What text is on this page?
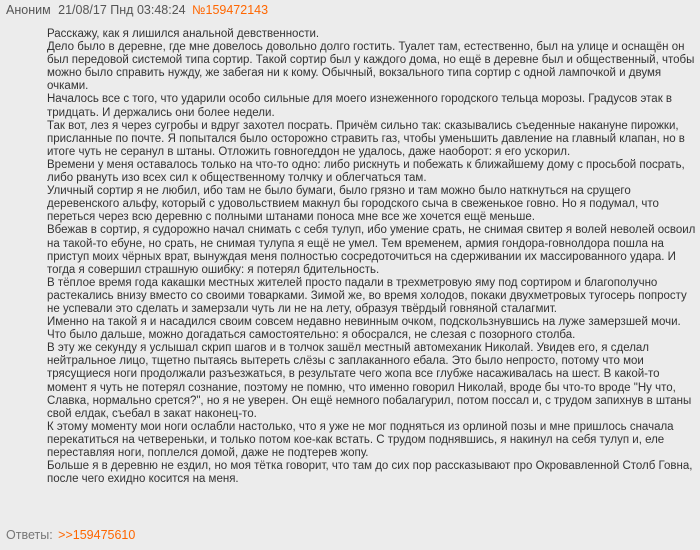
Аноним 21/08/17 Пнд 03:48:24 №159472143

Расскажу, как я лишился анальной девственности.

Дело было в деревне, где мне довелось довольно долго гостить. Туалет там, естественно, был на улице и оснащён он был передовой системой типа сортир. Такой сортир был у каждого дома, но ещё в деревне был и общественный, чтобы можно было справить нужду, же забегая ни к кому. Обычный, вокзального типа сортир с одной лампочкой и двумя очками.

Началось все с того, что ударили особо сильные для моего изнеженного городского тельца морозы. Градусов этак в тридцать. И держались они более недели.

Так вот, лез я через сугробы и вдруг захотел посрать. Причём сильно так: сказывались съеденные накануне пирожки, присланные по почте. Я попытался было осторожно стравить газ, чтобы уменьшить давление на главный клапан, но в итоге чуть не серанул в штаны. Отложить говногеддон не удалось, даже наоборот: я его ускорил.

Времени у меня оставалось только на что-то одно: либо рискнуть и побежать к ближайшему дому с просьбой посрать, либо рвануть изо всех сил к общественному толчку и облегчаться там.

Уличный сортир я не любил, ибо там не было бумаги, было грязно и там можно было наткнуться на срущего деревенского альфу, который с удовольствием макнул бы городского сыча в свеженькое говно. Но я подумал, что переться через всю деревню с полными штанами поноса мне все же хочется ещё меньше.

Вбежав в сортир, я судорожно начал снимать с себя тулуп, ибо умение срать, не снимая свитер я волей неволей освоил на такой-то ебуне, но срать, не снимая тулупа я ещё не умел. Тем временем, армия гондора-говнолдора пошла на приступ моих чёрных врат, вынуждая меня полностью сосредоточиться на сдерживании их массированного удара. И тогда я совершил страшную ошибку: я потерял бдительность.

В тёплое время года какашки местных жителей просто падали в трехметровую яму под сортиром и благополучно растекались внизу вместо со своими товарками. Зимой же, во время холодов, покаки двухметровых тугосерь попросту не успевали это сделать и замерзали чуть ли не на лету, образуя твёрдый говняной сталагмит.

Именно на такой я и насадился своим совсем недавно невинным очком, подскользнувшись на луже замерзшей мочи.

Что было дальше, можно догадаться самостоятельно: я обосрался, не слезая с позорного столба.

В эту же секунду я услышал скрип шагов и в толчок зашёл местный автомеханик Николай. Увидев его, я сделал нейтральное лицо, тщетно пытаясь вытереть слёзы с заплаканного ебала. Это было непросто, потому что мои трясущиеся ноги продолжали разъезжаться, в результате чего жопа все глубже насаживалась на шест. В какой-то момент я чуть не потерял сознание, поэтому не помню, что именно говорил Николай, вроде бы что-то вроде "Ну что, Славка, нормально срется?", но я не уверен. Он ещё немного побалагурил, потом поссал и, с трудом запихнув в штаны свой елдак, съебал в закат наконец-то.

К этому моменту мои ноги ослабли настолько, что я уже не мог подняться из орлиной позы и мне пришлось сначала перекатиться на четвереньки, и только потом кое-как встать. С трудом поднявшись, я накинул на себя тулуп и, еле переставляя ноги, поплелся домой, даже не подтерев жопу.

Больше я в деревню не ездил, но моя тётка говорит, что там до сих пор рассказывают про Окровавленной Столб Говна, после чего ехидно косится на меня.

Ответы: >>159475610
